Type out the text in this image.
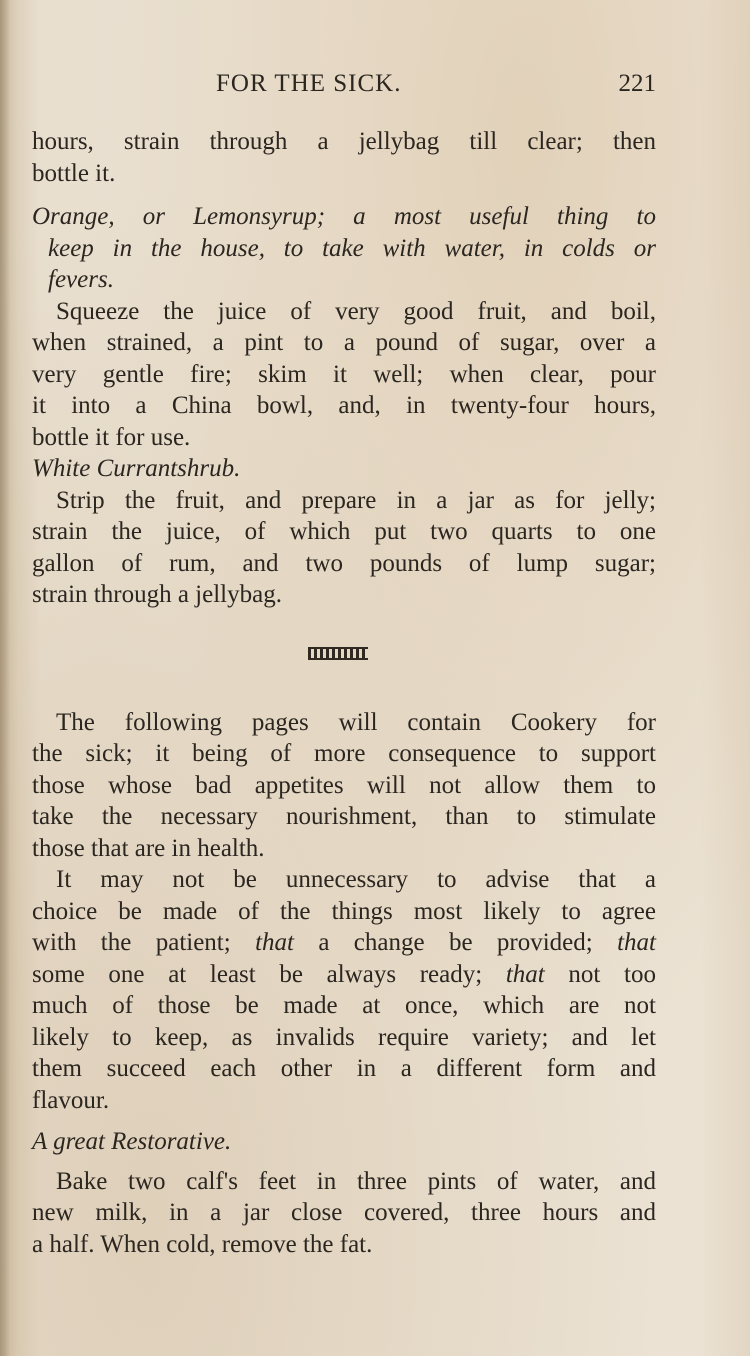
FOR THE SICK.	221

hours, strain through a jellybag till clear; then
bottle it.

Orange, or Lemonsyrup; a most useful thing to
keep in the house, to take with water, in colds or
fevers.

Squeeze the juice of very good fruit, and boil,
when strained, a pint to a pound of sugar, over a
very gentle fire; skim it well; when clear, pour
it into a China bowl, and, in twenty-four hours,
bottle it for use.

White Currantshrub.

Strip the fruit, and prepare in a jar as for jelly;
strain the juice, of which put two quarts to one
gallon of rum, and two pounds of lump sugar;
strain through a jellybag.

The following pages will contain Cookery for
the sick; it being of more consequence to support
those whose bad appetites will not allow them to
take the necessary nourishment, than to stimulate
those that are in health.

It may not be unnecessary to advise that a
choice be made of the things most likely to agree
with the patient; that a change be provided; that
some one at least be always ready; that not too
much of those be made at once, which are not
likely to keep, as invalids require variety; and let
them succeed each other in a different form and
flavour.

A great Restorative.

Bake two calf's feet in three pints of water, and
new milk, in a jar close covered, three hours and
a half. When cold, remove the fat.
